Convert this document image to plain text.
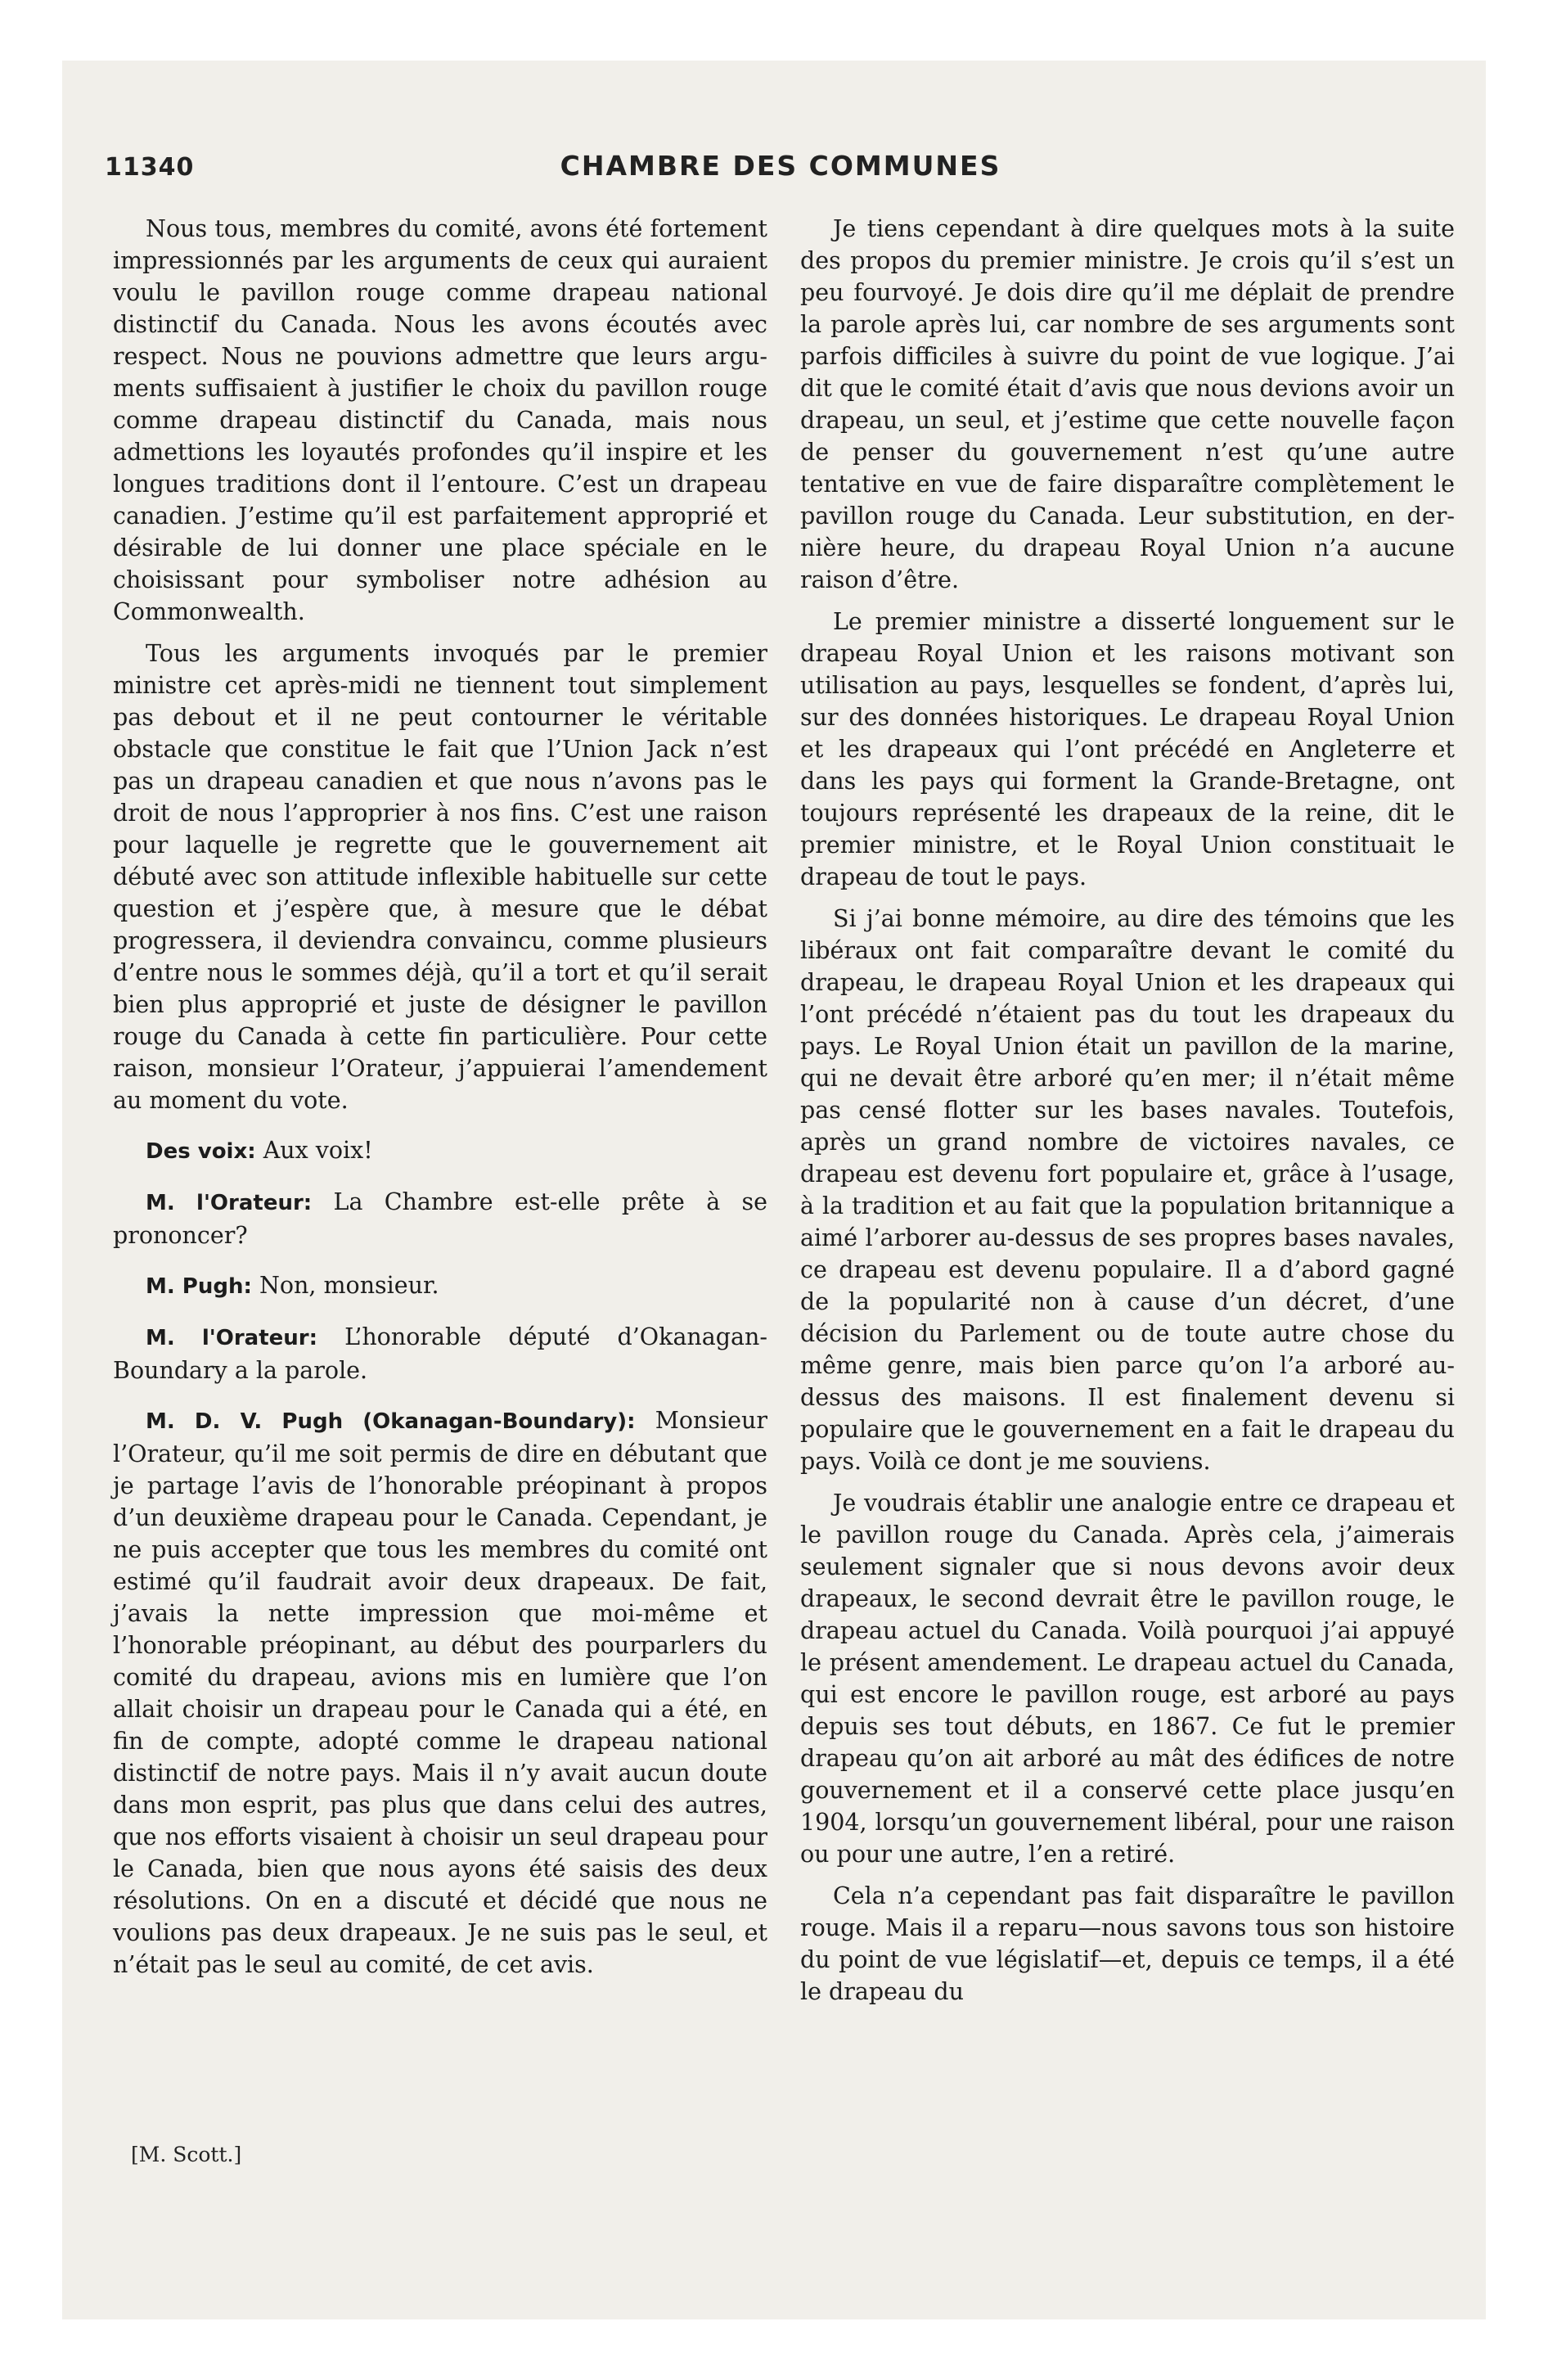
11340	CHAMBRE DES COMMUNES

Nous tous, membres du comité, avons été fortement impressionnés par les arguments de ceux qui auraient voulu le pavillon rouge comme drapeau national distinctif du Canada. Nous les avons écoutés avec respect. Nous ne pouvions admettre que leurs arguments suffisaient à justifier le choix du pavillon rouge comme drapeau distinctif du Canada, mais nous admettions les loyautés profondes qu’il inspire et les longues traditions dont il l’entoure. C’est un drapeau canadien. J’estime qu’il est parfaitement approprié et désirable de lui donner une place spéciale en le choisissant pour symboliser notre adhésion au Commonwealth.

Tous les arguments invoqués par le premier ministre cet après-midi ne tiennent tout simplement pas debout et il ne peut contourner le véritable obstacle que constitue le fait que l’Union Jack n’est pas un drapeau canadien et que nous n’avons pas le droit de nous l’approprier à nos fins. C’est une raison pour laquelle je regrette que le gouvernement ait débuté avec son attitude inflexible habituelle sur cette question et j’espère que, à mesure que le débat progressera, il deviendra convaincu, comme plusieurs d’entre nous le sommes déjà, qu’il a tort et qu’il serait bien plus approprié et juste de désigner le pavillon rouge du Canada à cette fin particulière. Pour cette raison, monsieur l’Orateur, j’appuierai l’amendement au moment du vote.

Des voix: Aux voix!

M. l'Orateur: La Chambre est-elle prête à se prononcer?

M. Pugh: Non, monsieur.

M. l'Orateur: L’honorable député d’Okanagan-Boundary a la parole.

M. D. V. Pugh (Okanagan-Boundary): Monsieur l’Orateur, qu’il me soit permis de dire en débutant que je partage l’avis de l’honorable préopinant à propos d’un deuxième drapeau pour le Canada. Cependant, je ne puis accepter que tous les membres du comité ont estimé qu’il faudrait avoir deux drapeaux. De fait, j’avais la nette impression que moi-même et l’honorable préopinant, au début des pourparlers du comité du drapeau, avions mis en lumière que l’on allait choisir un drapeau pour le Canada qui a été, en fin de compte, adopté comme le drapeau national distinctif de notre pays. Mais il n’y avait aucun doute dans mon esprit, pas plus que dans celui des autres, que nos efforts visaient à choisir un seul drapeau pour le Canada, bien que nous ayons été saisis des deux résolutions. On en a discuté et décidé que nous ne voulions pas deux drapeaux. Je ne suis pas le seul, et n’était pas le seul au comité, de cet avis.

Je tiens cependant à dire quelques mots à la suite des propos du premier ministre. Je crois qu’il s’est un peu fourvoyé. Je dois dire qu’il me déplait de prendre la parole après lui, car nombre de ses arguments sont parfois difficiles à suivre du point de vue logique. J’ai dit que le comité était d’avis que nous devions avoir un drapeau, un seul, et j’estime que cette nouvelle façon de penser du gouvernement n’est qu’une autre tentative en vue de faire disparaître complètement le pavillon rouge du Canada. Leur substitution, en dernière heure, du drapeau Royal Union n’a aucune raison d’être.

Le premier ministre a disserté longuement sur le drapeau Royal Union et les raisons motivant son utilisation au pays, lesquelles se fondent, d’après lui, sur des données historiques. Le drapeau Royal Union et les drapeaux qui l’ont précédé en Angleterre et dans les pays qui forment la Grande-Bretagne, ont toujours représenté les drapeaux de la reine, dit le premier ministre, et le Royal Union constituait le drapeau de tout le pays.

Si j’ai bonne mémoire, au dire des témoins que les libéraux ont fait comparaître devant le comité du drapeau, le drapeau Royal Union et les drapeaux qui l’ont précédé n’étaient pas du tout les drapeaux du pays. Le Royal Union était un pavillon de la marine, qui ne devait être arboré qu’en mer; il n’était même pas censé flotter sur les bases navales. Toutefois, après un grand nombre de victoires navales, ce drapeau est devenu fort populaire et, grâce à l’usage, à la tradition et au fait que la population britannique a aimé l’arborer au-dessus de ses propres bases navales, ce drapeau est devenu populaire. Il a d’abord gagné de la popularité non à cause d’un décret, d’une décision du Parlement ou de toute autre chose du même genre, mais bien parce qu’on l’a arboré au-dessus des maisons. Il est finalement devenu si populaire que le gouvernement en a fait le drapeau du pays. Voilà ce dont je me souviens.

Je voudrais établir une analogie entre ce drapeau et le pavillon rouge du Canada. Après cela, j’aimerais seulement signaler que si nous devons avoir deux drapeaux, le second devrait être le pavillon rouge, le drapeau actuel du Canada. Voilà pourquoi j’ai appuyé le présent amendement. Le drapeau actuel du Canada, qui est encore le pavillon rouge, est arboré au pays depuis ses tout débuts, en 1867. Ce fut le premier drapeau qu’on ait arboré au mât des édifices de notre gouvernement et il a conservé cette place jusqu’en 1904, lorsqu’un gouvernement libéral, pour une raison ou pour une autre, l’en a retiré.

Cela n’a cependant pas fait disparaître le pavillon rouge. Mais il a reparu—nous savons tous son histoire du point de vue législatif—et, depuis ce temps, il a été le drapeau du

[M. Scott.]
